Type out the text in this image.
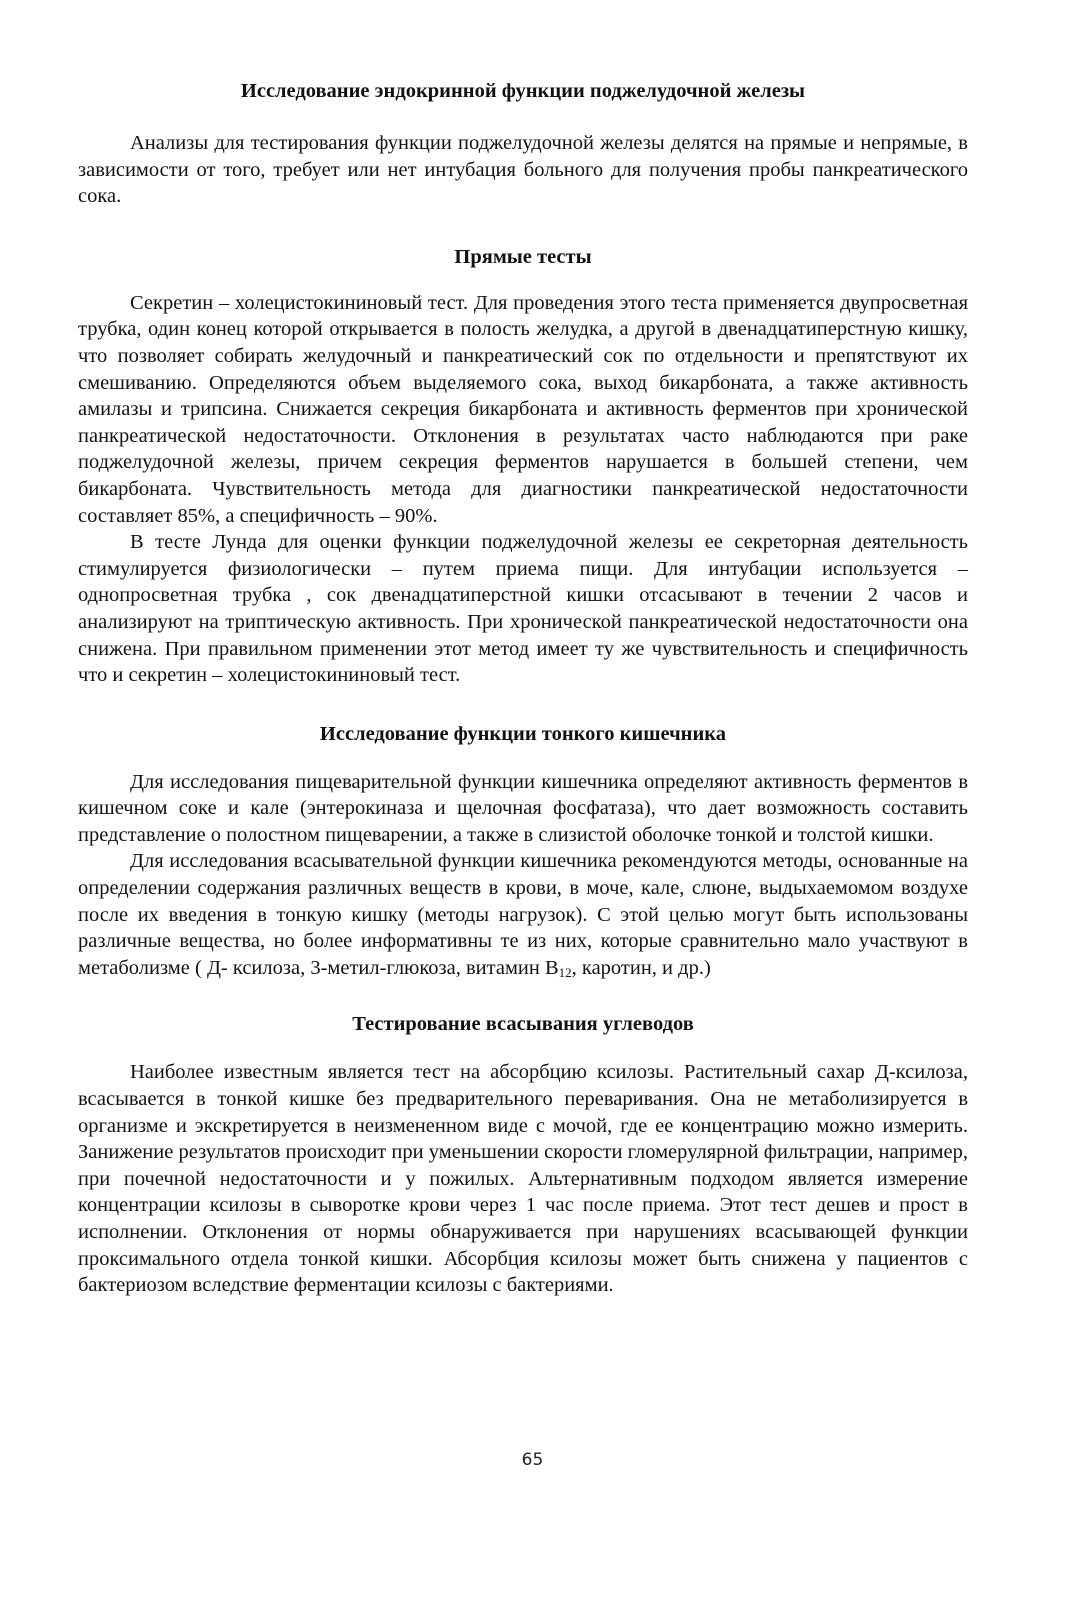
Исследование эндокринной функции поджелудочной железы

Анализы для тестирования функции поджелудочной железы делятся на прямые и непрямые, в зависимости от того, требует или нет интубация больного для получения пробы панкреатического сока.

Прямые тесты

Секретин – холецистокининовый тест. Для проведения этого теста применяется двупросветная трубка, один конец которой открывается в полость желудка, а другой в двенадцатиперстную кишку, что позволяет собирать желудочный и панкреатический сок по отдельности и препятствуют их смешиванию. Определяются объем выделяемого сока, выход бикарбоната, а также активность амилазы и трипсина. Снижается секреция бикарбоната и активность ферментов при хронической панкреатической недостаточности. Отклонения в результатах часто наблюдаются при раке поджелудочной железы, причем секреция ферментов нарушается в большей степени, чем бикарбоната. Чувствительность метода для диагностики панкреатической недостаточности составляет 85%, а специфичность – 90%.

В тесте Лунда для оценки функции поджелудочной железы ее секреторная деятельность стимулируется физиологически – путем приема пищи. Для интубации используется – однопросветная трубка , сок двенадцатиперстной кишки отсасывают в течении 2 часов и анализируют на триптическую активность. При хронической панкреатической недостаточности она снижена. При правильном применении этот метод имеет ту же чувствительность и специфичность что и секретин – холецистокининовый тест.

Исследование функции тонкого кишечника

Для исследования пищеварительной функции кишечника определяют активность ферментов в кишечном соке и кале (энтерокиназа и щелочная фосфатаза), что дает возможность составить представление о полостном пищеварении, а также в слизистой оболочке тонкой и толстой кишки.

Для исследования всасывательной функции кишечника рекомендуются методы, основанные на определении содержания различных веществ в крови, в моче, кале, слюне, выдыхаемомом воздухе после их введения в тонкую кишку (методы нагрузок). С этой целью могут быть использованы различные вещества, но более информативны те из них, которые сравнительно мало участвуют в метаболизме ( Д- ксилоза, 3-метил-глюкоза, витамин $B_{12}$, каротин, и др.)

Тестирование всасывания углеводов

Наиболее известным является тест на абсорбцию ксилозы. Растительный сахар Д-ксилоза, всасывается в тонкой кишке без предварительного переваривания. Она не метаболизируется в организме и экскретируется в неизмененном виде с мочой, где ее концентрацию можно измерить. Занижение результатов происходит при уменьшении скорости гломерулярной фильтрации, например, при почечной недостаточности и у пожилых. Альтернативным подходом является измерение концентрации ксилозы в сыворотке крови через 1 час после приема. Этот тест дешев и прост в исполнении. Отклонения от нормы обнаруживается при нарушениях всасывающей функции проксимального отдела тонкой кишки. Абсорбция ксилозы может быть снижена у пациентов с бактериозом вследствие ферментации ксилозы с бактериями.

65
